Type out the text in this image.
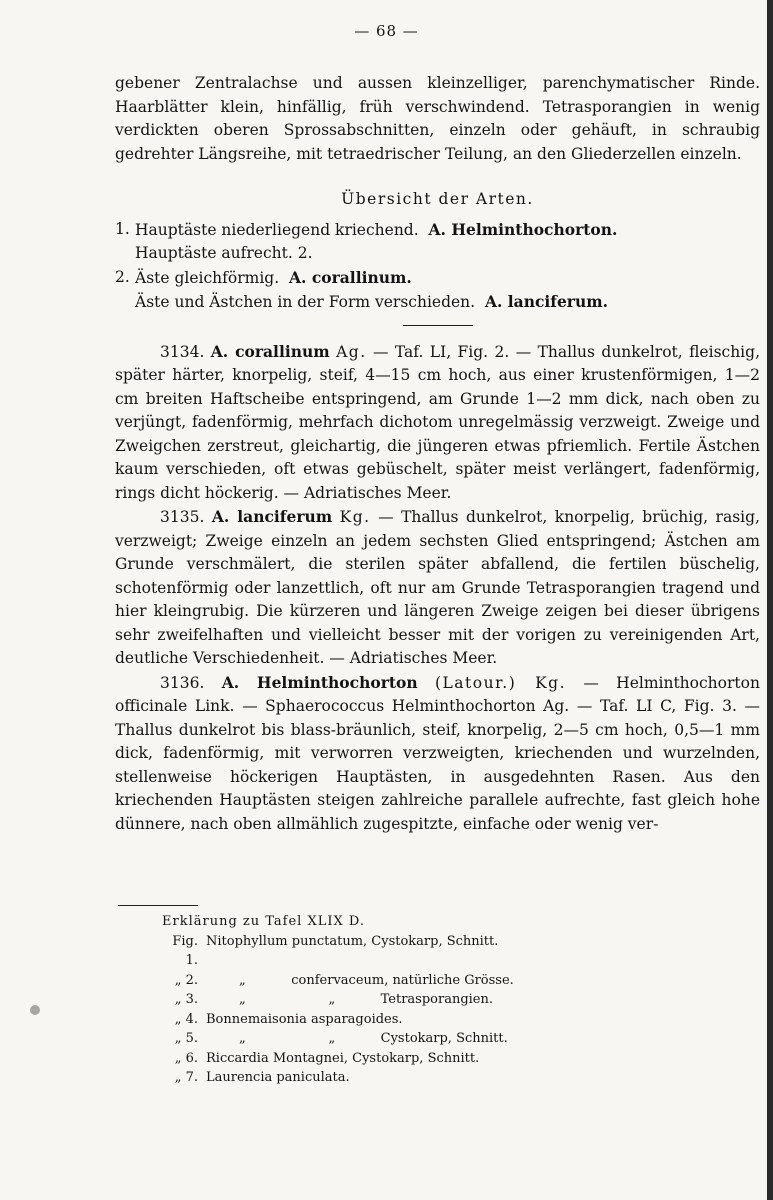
— 68 —

gebener Zentralachse und aussen kleinzelliger, parenchymatischer Rinde. Haarblätter klein, hinfällig, früh verschwindend. Tetrasporangien in wenig verdickten oberen Sprossabschnitten, einzeln oder gehäuft, in schraubig gedrehter Längsreihe, mit tetraedrischer Teilung, an den Gliederzellen einzeln.

Übersicht der Arten.
1. Hauptäste niederliegend kriechend. A. Helminthochorton.
Hauptäste aufrecht. 2.
2. Äste gleichförmig. A. corallinum.
Äste und Ästchen in der Form verschieden. A. lanciferum.

3134. A. corallinum Ag. — Taf. LI, Fig. 2. — Thallus dunkelrot, fleischig, später härter, knorpelig, steif, 4—15 cm hoch, aus einer krustenförmigen, 1—2 cm breiten Haftscheibe entspringend, am Grunde 1—2 mm dick, nach oben zu verjüngt, fadenförmig, mehrfach dichotom unregelmässig verzweigt. Zweige und Zweigchen zerstreut, gleichartig, die jüngeren etwas pfriemlich. Fertile Ästchen kaum verschieden, oft etwas gebüschelt, später meist verlängert, fadenförmig, rings dicht höckerig. — Adriatisches Meer.

3135. A. lanciferum Kg. — Thallus dunkelrot, knorpelig, brüchig, rasig, verzweigt; Zweige einzeln an jedem sechsten Glied entspringend; Ästchen am Grunde verschmälert, die sterilen später abfallend, die fertilen büschelig, schotenförmig oder lanzettlich, oft nur am Grunde Tetrasporangien tragend und hier kleingrubig. Die kürzeren und längeren Zweige zeigen bei dieser übrigens sehr zweifelhaften und vielleicht besser mit der vorigen zu vereinigenden Art, deutliche Verschiedenheit. — Adriatisches Meer.

3136. A. Helminthochorton (Latour.) Kg. — Helminthochorton officinale Link. — Sphaerococcus Helminthochorton Ag. — Taf. LI C, Fig. 3. — Thallus dunkelrot bis blass-bräunlich, steif, knorpelig, 2—5 cm hoch, 0,5—1 mm dick, fadenförmig, mit verworren verzweigten, kriechenden und wurzelnden, stellenweise höckerigen Hauptästen, in ausgedehnten Rasen. Aus den kriechenden Hauptästen steigen zahlreiche parallele aufrechte, fast gleich hohe dünnere, nach oben allmählich zugespitzte, einfache oder wenig ver-

Erklärung zu Tafel XLIX D.
Fig. 1.
Nitophyllum punctatum, Cystokarp, Schnitt.
„ 2. „           confervaceum, natürliche Grösse.
„ 3. „                    „           Tetrasporangien.
„ 4. Bonnemaisonia asparagoides.
„ 5. „                    „           Cystokarp, Schnitt.
„ 6. Riccardia Montagnei, Cystokarp, Schnitt.
„ 7. Laurencia paniculata.
